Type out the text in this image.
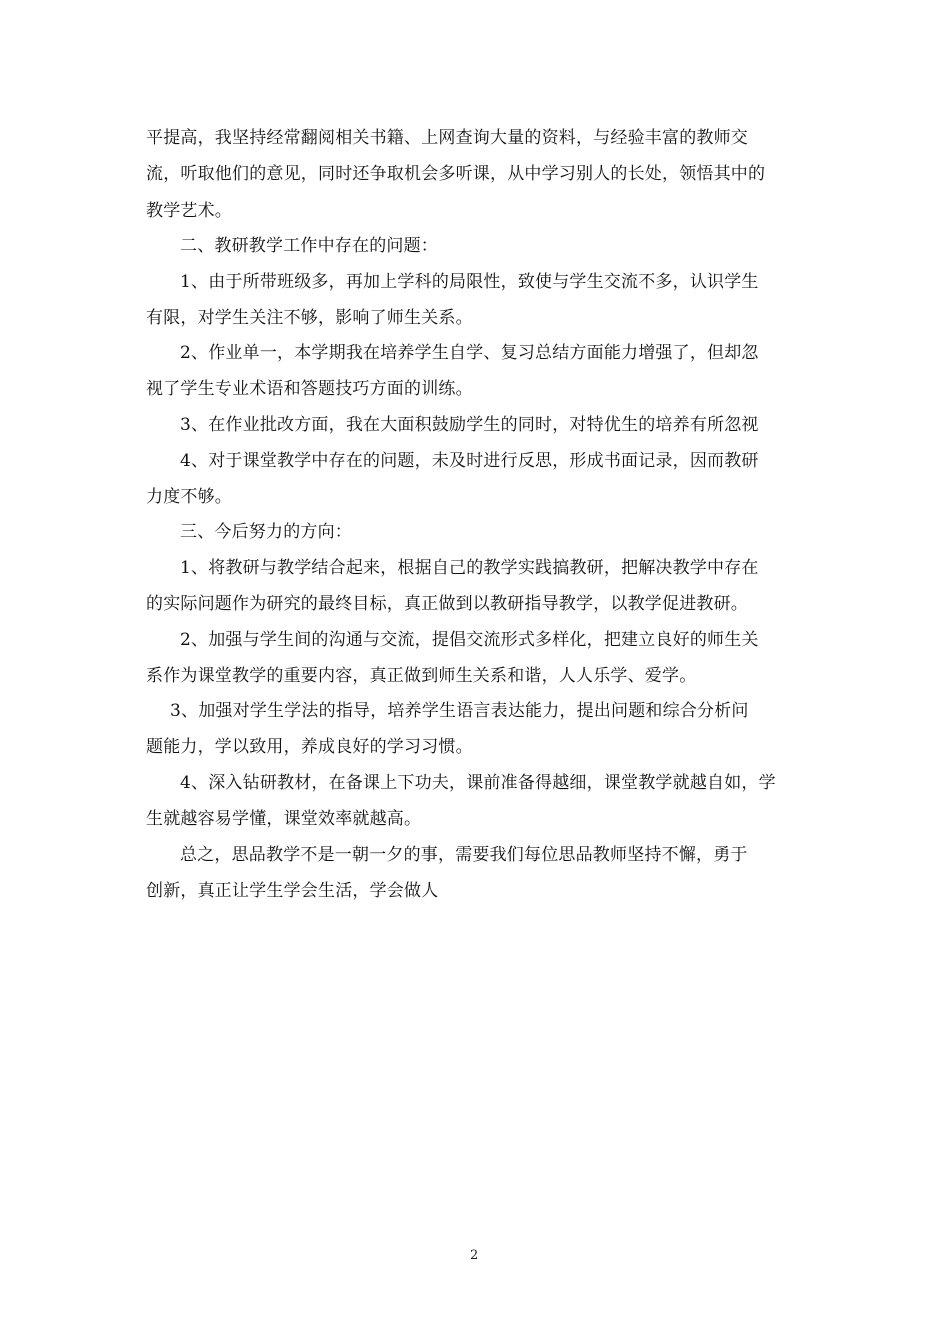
平提高，我坚持经常翻阅相关书籍、上网查询大量的资料，与经验丰富的教师交
流，听取他们的意见，同时还争取机会多听课，从中学习别人的长处，领悟其中的
教学艺术。
二、教研教学工作中存在的问题：
1、由于所带班级多，再加上学科的局限性，致使与学生交流不多，认识学生
有限，对学生关注不够，影响了师生关系。
2、作业单一，本学期我在培养学生自学、复习总结方面能力增强了，但却忽
视了学生专业术语和答题技巧方面的训练。
3、在作业批改方面，我在大面积鼓励学生的同时，对特优生的培养有所忽视
4、对于课堂教学中存在的问题，未及时进行反思，形成书面记录，因而教研
力度不够。
三、今后努力的方向：
1、将教研与教学结合起来，根据自己的教学实践搞教研，把解决教学中存在
的实际问题作为研究的最终目标，真正做到以教研指导教学，以教学促进教研。
2、加强与学生间的沟通与交流，提倡交流形式多样化，把建立良好的师生关
系作为课堂教学的重要内容，真正做到师生关系和谐，人人乐学、爱学。
3、加强对学生学法的指导，培养学生语言表达能力，提出问题和综合分析问
题能力，学以致用，养成良好的学习习惯。
4、深入钻研教材，在备课上下功夫，课前准备得越细，课堂教学就越自如，学
生就越容易学懂，课堂效率就越高。
总之，思品教学不是一朝一夕的事，需要我们每位思品教师坚持不懈，勇于
创新，真正让学生学会生活，学会做人
2
